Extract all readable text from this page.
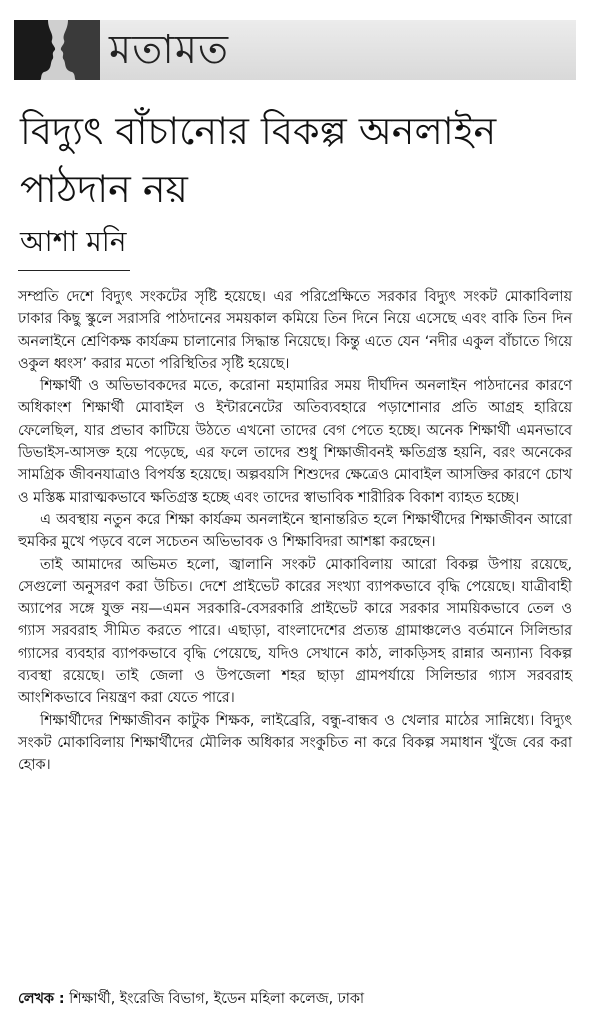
মতামত
বিদ্যুৎ বাঁচানোর বিকল্প অনলাইন পাঠদান নয়
আশা মনি

সম্প্রতি দেশে বিদ্যুৎ সংকটের সৃষ্টি হয়েছে। এর পরিপ্রেক্ষিতে সরকার বিদ্যুৎ সংকট মোকাবিলায় ঢাকার কিছু স্কুলে সরাসরি পাঠদানের সময়কাল কমিয়ে তিন দিনে নিয়ে এসেছে এবং বাকি তিন দিন অনলাইনে শ্রেণিকক্ষ কার্যক্রম চালানোর সিদ্ধান্ত নিয়েছে। কিন্তু এতে যেন ‘নদীর একুল বাঁচাতে গিয়ে ওকুল ধ্বংস’ করার মতো পরিস্থিতির সৃষ্টি হয়েছে।

শিক্ষার্থী ও অভিভাবকদের মতে, করোনা মহামারির সময় দীর্ঘদিন অনলাইন পাঠদানের কারণে অধিকাংশ শিক্ষার্থী মোবাইল ও ইন্টারনেটের অতিব্যবহারে পড়াশোনার প্রতি আগ্রহ হারিয়ে ফেলেছিল, যার প্রভাব কাটিয়ে উঠতে এখনো তাদের বেগ পেতে হচ্ছে। অনেক শিক্ষার্থী এমনভাবে ডিভাইস-আসক্ত হয়ে পড়েছে, এর ফলে তাদের শুধু শিক্ষাজীবনই ক্ষতিগ্রস্ত হয়নি, বরং অনেকের সামগ্রিক জীবনযাত্রাও বিপর্যস্ত হয়েছে। অল্পবয়সি শিশুদের ক্ষেত্রেও মোবাইল আসক্তির কারণে চোখ ও মস্তিষ্ক মারাত্মকভাবে ক্ষতিগ্রস্ত হচ্ছে এবং তাদের স্বাভাবিক শারীরিক বিকাশ ব্যাহত হচ্ছে।

এ অবস্থায় নতুন করে শিক্ষা কার্যক্রম অনলাইনে স্থানান্তরিত হলে শিক্ষার্থীদের শিক্ষাজীবন আরো হুমকির মুখে পড়বে বলে সচেতন অভিভাবক ও শিক্ষাবিদরা আশঙ্কা করছেন।

তাই আমাদের অভিমত হলো, জ্বালানি সংকট মোকাবিলায় আরো বিকল্প উপায় রয়েছে, সেগুলো অনুসরণ করা উচিত। দেশে প্রাইভেট কারের সংখ্যা ব্যাপকভাবে বৃদ্ধি পেয়েছে। যাত্রীবাহী অ্যাপের সঙ্গে যুক্ত নয়—এমন সরকারি-বেসরকারি প্রাইভেট কারে সরকার সাময়িকভাবে তেল ও গ্যাস সরবরাহ সীমিত করতে পারে। এছাড়া, বাংলাদেশের প্রত্যন্ত গ্রামাঞ্চলেও বর্তমানে সিলিন্ডার গ্যাসের ব্যবহার ব্যাপকভাবে বৃদ্ধি পেয়েছে, যদিও সেখানে কাঠ, লাকড়িসহ রান্নার অন্যান্য বিকল্প ব্যবস্থা রয়েছে। তাই জেলা ও উপজেলা শহর ছাড়া গ্রামপর্যায়ে সিলিন্ডার গ্যাস সরবরাহ আংশিকভাবে নিয়ন্ত্রণ করা যেতে পারে।

শিক্ষার্থীদের শিক্ষাজীবন কাটুক শিক্ষক, লাইব্রেরি, বন্ধু-বান্ধব ও খেলার মাঠের সান্নিধ্যে। বিদ্যুৎ সংকট মোকাবিলায় শিক্ষার্থীদের মৌলিক অধিকার সংকুচিত না করে বিকল্প সমাধান খুঁজে বের করা হোক।

লেখক : শিক্ষার্থী, ইংরেজি বিভাগ, ইডেন মহিলা কলেজ, ঢাকা
